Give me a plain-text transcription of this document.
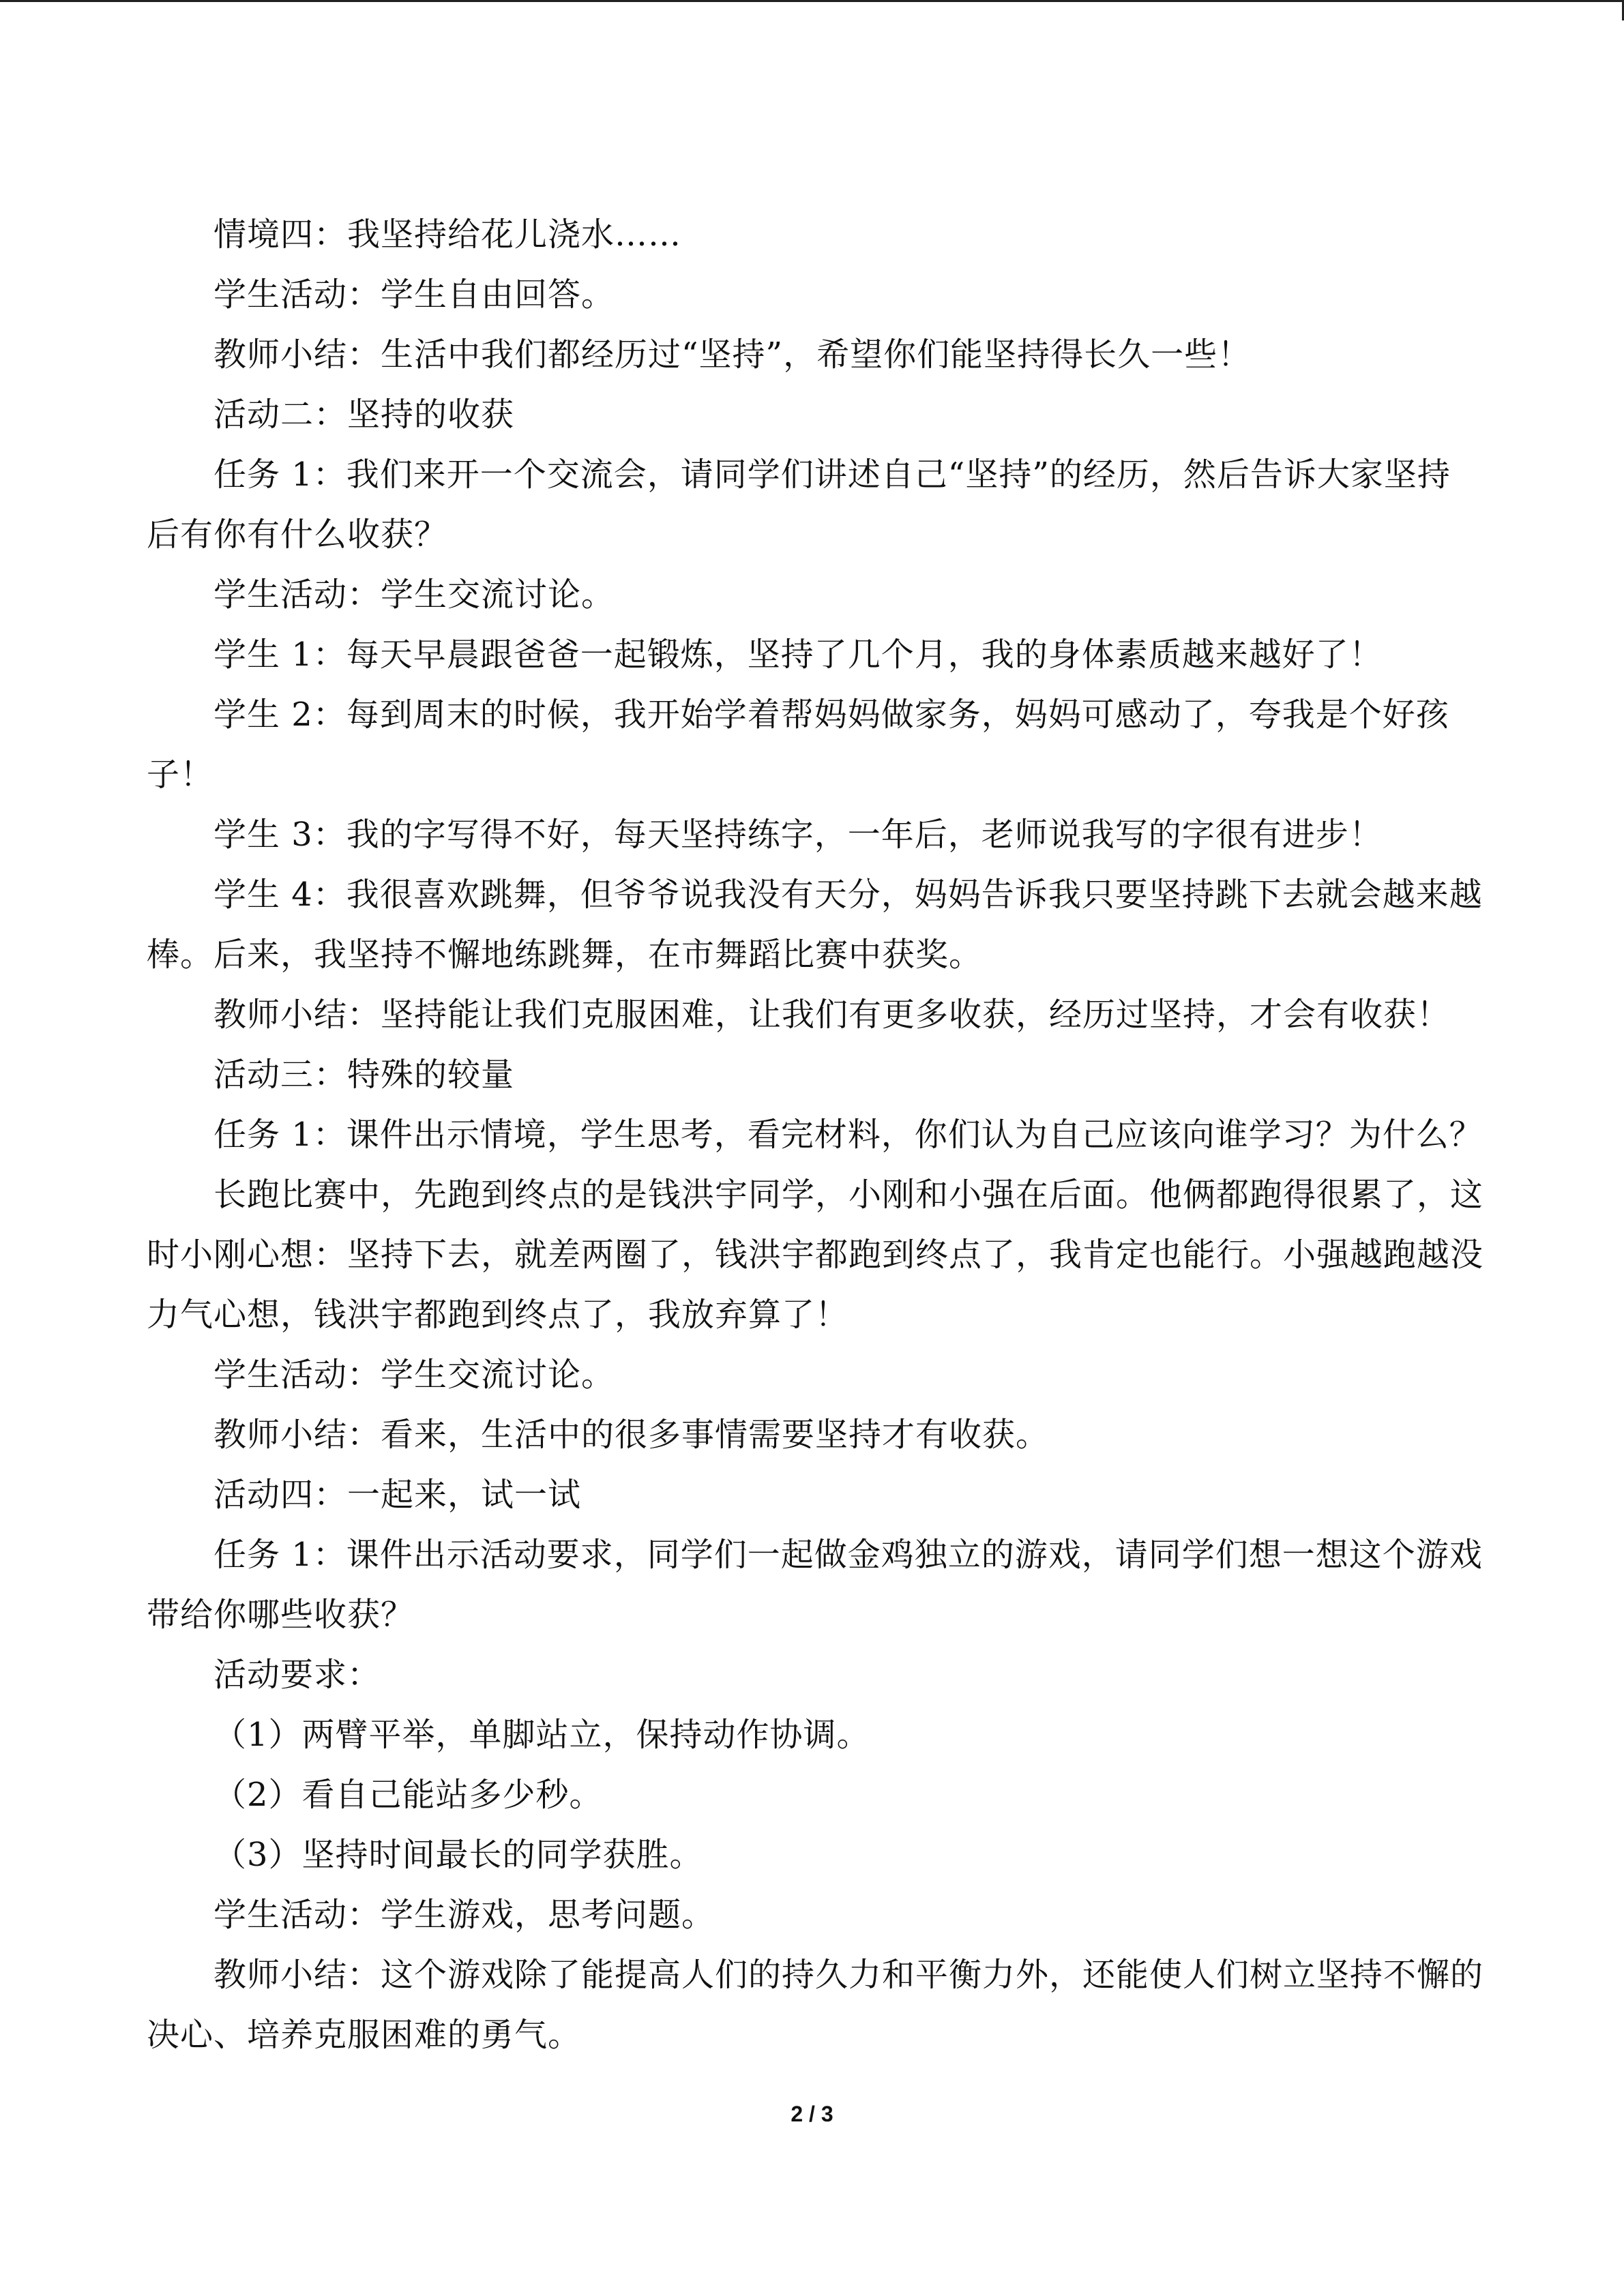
情境四：我坚持给花儿浇水……
学生活动：学生自由回答。
教师小结：生活中我们都经历过“坚持”，希望你们能坚持得长久一些！
活动二：坚持的收获
任务 1：我们来开一个交流会，请同学们讲述自己“坚持”的经历，然后告诉大家坚持
后有你有什么收获？
学生活动：学生交流讨论。
学生 1：每天早晨跟爸爸一起锻炼，坚持了几个月，我的身体素质越来越好了！
学生 2：每到周末的时候，我开始学着帮妈妈做家务，妈妈可感动了，夸我是个好孩
子！
学生 3：我的字写得不好，每天坚持练字，一年后，老师说我写的字很有进步！
学生 4：我很喜欢跳舞，但爷爷说我没有天分，妈妈告诉我只要坚持跳下去就会越来越
棒。后来，我坚持不懈地练跳舞，在市舞蹈比赛中获奖。
教师小结：坚持能让我们克服困难，让我们有更多收获，经历过坚持，才会有收获！
活动三：特殊的较量
任务 1：课件出示情境，学生思考，看完材料，你们认为自己应该向谁学习？为什么？
长跑比赛中，先跑到终点的是钱洪宇同学，小刚和小强在后面。他俩都跑得很累了，这
时小刚心想：坚持下去，就差两圈了，钱洪宇都跑到终点了，我肯定也能行。小强越跑越没
力气心想，钱洪宇都跑到终点了，我放弃算了！
学生活动：学生交流讨论。
教师小结：看来，生活中的很多事情需要坚持才有收获。
活动四：一起来，试一试
任务 1：课件出示活动要求，同学们一起做金鸡独立的游戏，请同学们想一想这个游戏
带给你哪些收获？
活动要求：
（1）两臂平举，单脚站立，保持动作协调。
（2）看自己能站多少秒。
（3）坚持时间最长的同学获胜。
学生活动：学生游戏，思考问题。
教师小结：这个游戏除了能提高人们的持久力和平衡力外，还能使人们树立坚持不懈的
决心、培养克服困难的勇气。
2 / 3
